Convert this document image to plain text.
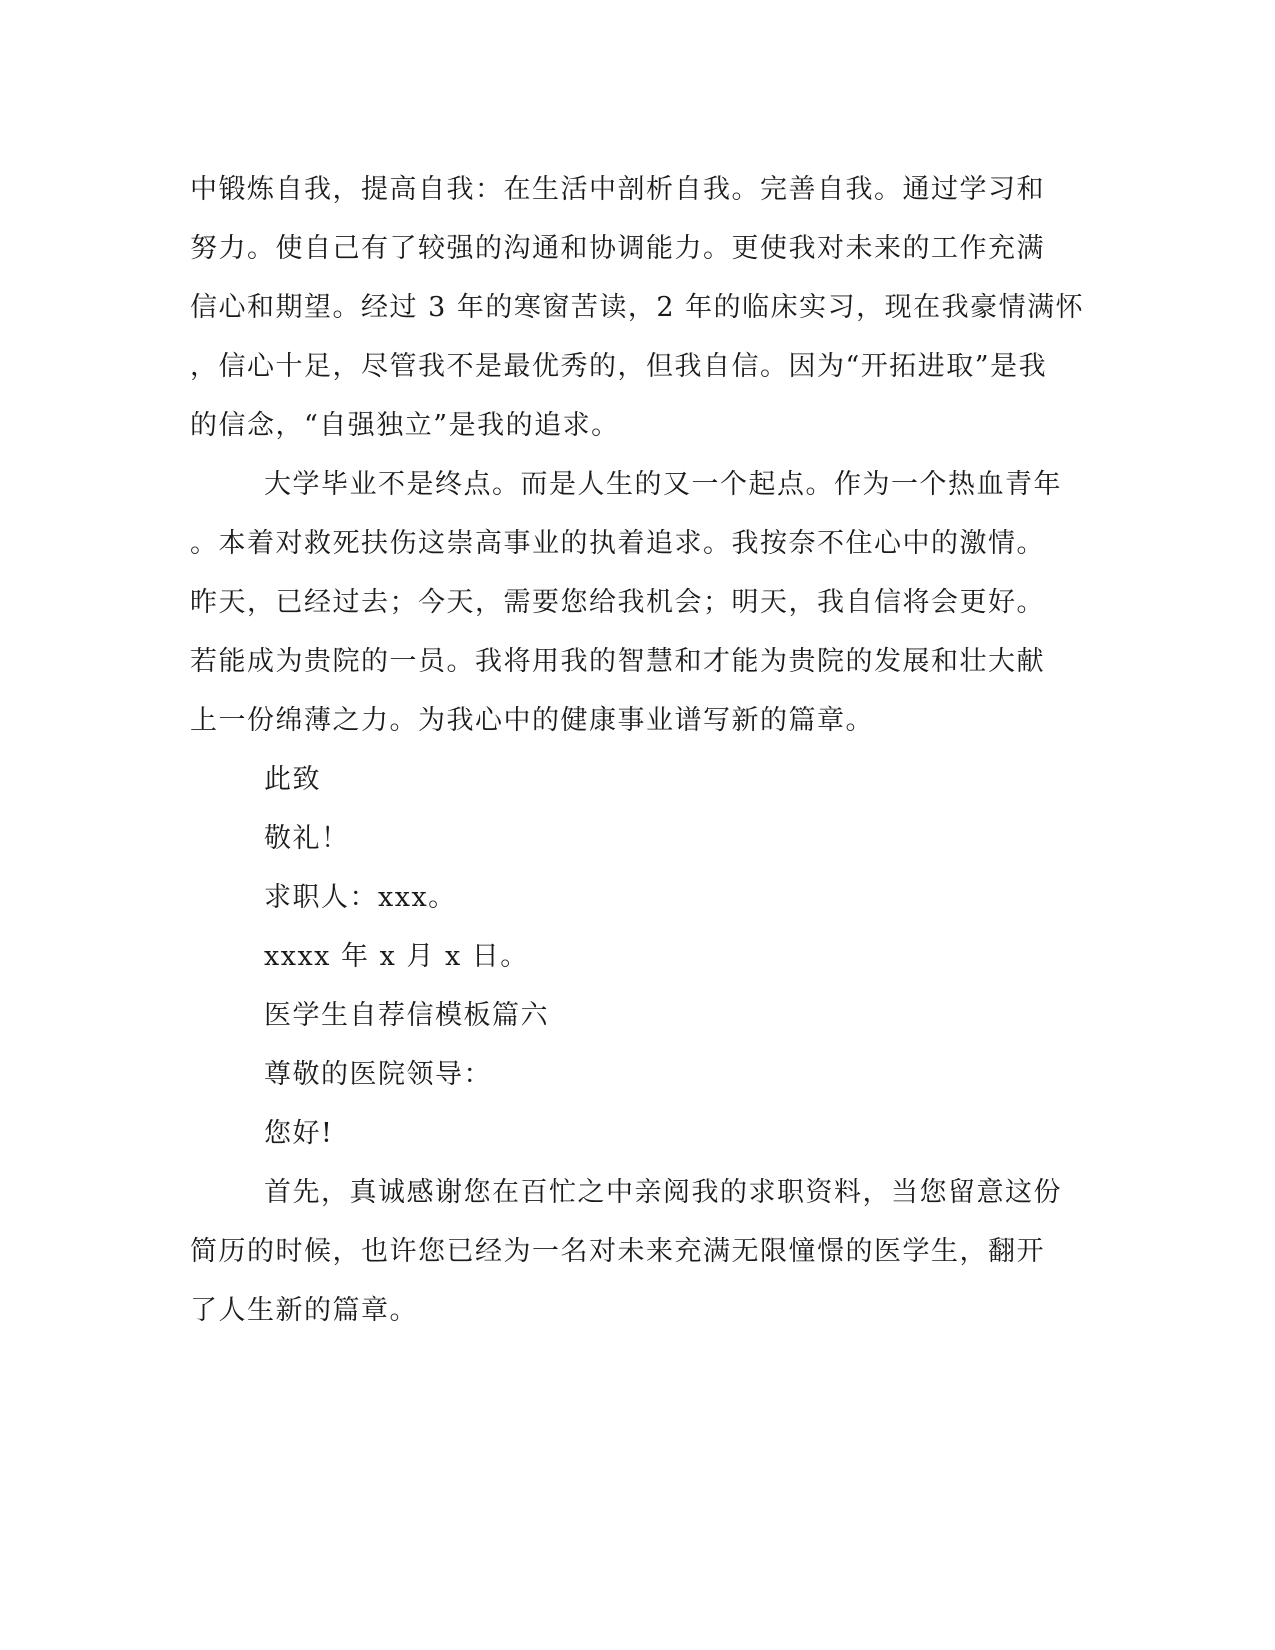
中锻炼自我，提高自我：在生活中剖析自我。完善自我。通过学习和
努力。使自己有了较强的沟通和协调能力。更使我对未来的工作充满
信心和期望。经过 3 年的寒窗苦读，2 年的临床实习，现在我豪情满怀
，信心十足，尽管我不是最优秀的，但我自信。因为“开拓进取”是我
的信念，“自强独立”是我的追求。
大学毕业不是终点。而是人生的又一个起点。作为一个热血青年
。本着对救死扶伤这崇高事业的执着追求。我按奈不住心中的激情。
昨天，已经过去；今天，需要您给我机会；明天，我自信将会更好。
若能成为贵院的一员。我将用我的智慧和才能为贵院的发展和壮大献
上一份绵薄之力。为我心中的健康事业谱写新的篇章。
此致
敬礼！
求职人：xxx。
xxxx 年 x 月 x 日。
医学生自荐信模板篇六
尊敬的医院领导：
您好!
首先，真诚感谢您在百忙之中亲阅我的求职资料，当您留意这份
简历的时候，也许您已经为一名对未来充满无限憧憬的医学生，翻开
了人生新的篇章。
